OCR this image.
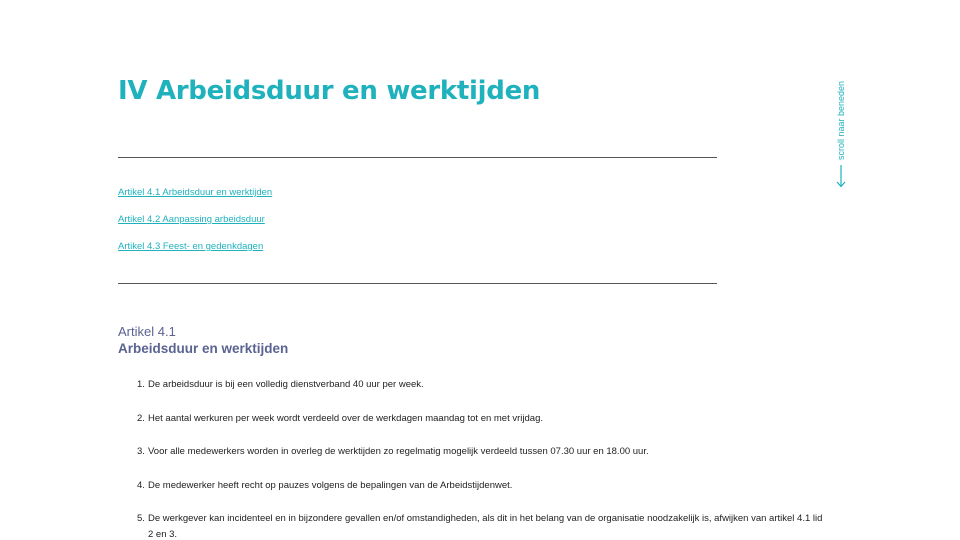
IV Arbeidsduur en werktijden	scroll naar beneden
Artikel 4.1 Arbeidsduur en werktijden
Artikel 4.2 Aanpassing arbeidsduur
Artikel 4.3 Feest- en gedenkdagen
Artikel 4.1
Arbeidsduur en werktijden
1. De arbeidsduur is bij een volledig dienstverband 40 uur per week.
2. Het aantal werkuren per week wordt verdeeld over de werkdagen maandag tot en met vrijdag.
3. Voor alle medewerkers worden in overleg de werktijden zo regelmatig mogelijk verdeeld tussen 07.30 uur en 18.00 uur.
4. De medewerker heeft recht op pauzes volgens de bepalingen van de Arbeidstijdenwet.
5. De werkgever kan incidenteel en in bijzondere gevallen en/of omstandigheden, als dit in het belang van de organisatie noodzakelijk is, afwijken van artikel 4.1 lid 2 en 3.
